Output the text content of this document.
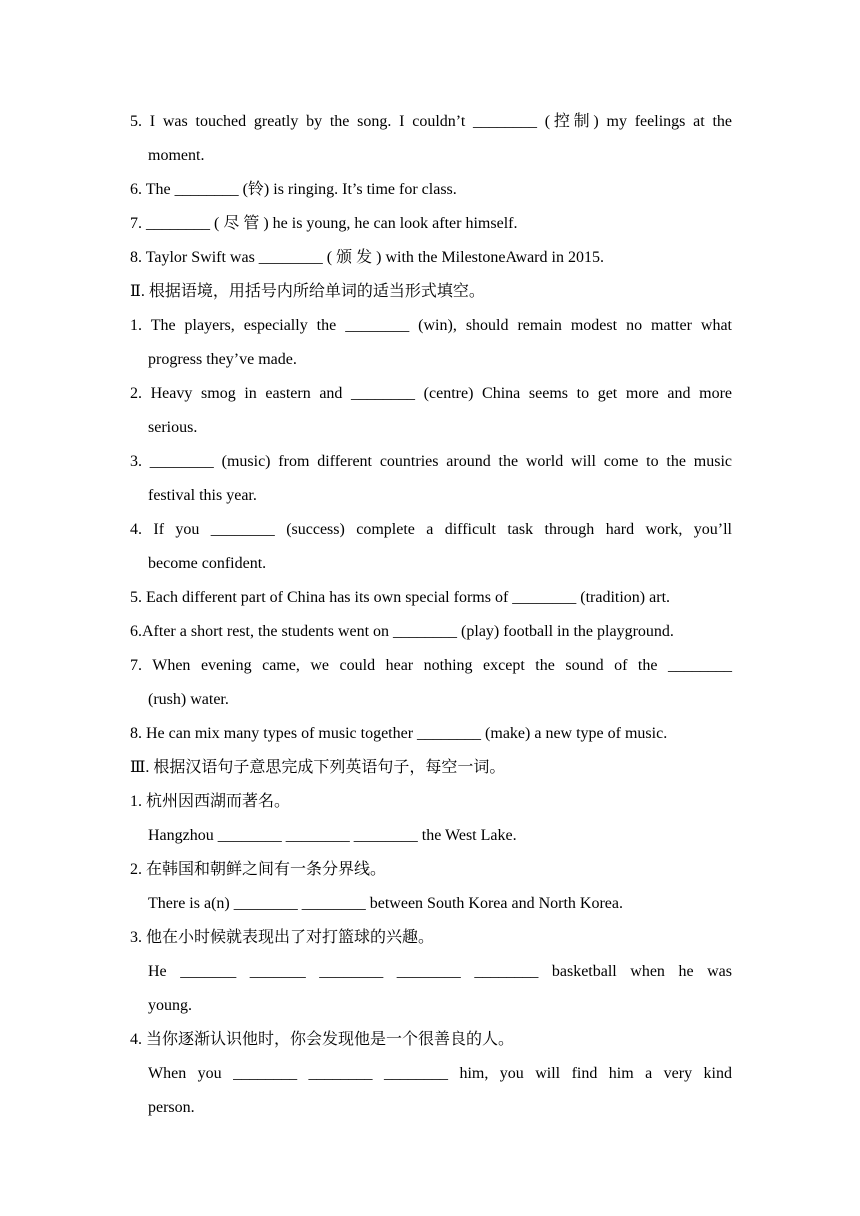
5. I was touched greatly by the song. I couldn’t ________ (控制) my feelings at the
moment.
6. The ________ (铃) is ringing. It’s time for class.
7. ________ ( 尽 管 ) he is young, he can look after himself.
8. Taylor Swift was ________ ( 颁 发 ) with the MilestoneAward in 2015.
Ⅱ. 根据语境，用括号内所给单词的适当形式填空。
1. The players, especially the ________ (win), should remain modest no matter what
progress they’ve made.
2. Heavy smog in eastern and ________ (centre) China seems to get more and more
serious.
3. ________ (music) from different countries around the world will come to the music
festival this year.
4. If you ________ (success) complete a difficult task through hard work, you’ll
become confident.
5. Each different part of China has its own special forms of ________ (tradition) art.
6.After a short rest, the students went on ________ (play) football in the playground.
7. When evening came, we could hear nothing except the sound of the ________
(rush) water.
8. He can mix many types of music together ________ (make) a new type of music.
Ⅲ. 根据汉语句子意思完成下列英语句子，每空一词。
1. 杭州因西湖而著名。
Hangzhou ________ ________ ________ the West Lake.
2. 在韩国和朝鲜之间有一条分界线。
There is a(n) ________ ________ between South Korea and North Korea.
3. 他在小时候就表现出了对打篮球的兴趣。
He _______ _______ ________ ________ ________ basketball when he was
young.
4. 当你逐渐认识他时，你会发现他是一个很善良的人。
When you ________ ________ ________ him, you will find him a very kind
person.
